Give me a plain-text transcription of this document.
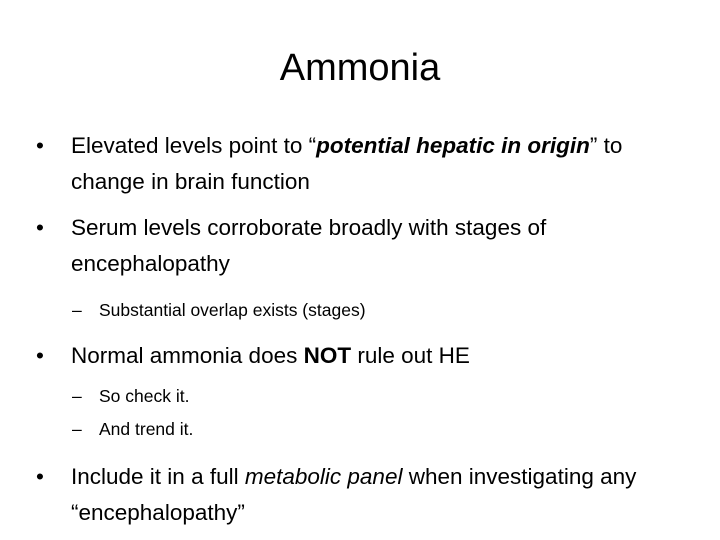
Ammonia

• Elevated levels point to “potential hepatic in origin” to change in brain function

• Serum levels corroborate broadly with stages of encephalopathy

– Substantial overlap exists (stages)

• Normal ammonia does NOT rule out HE

– So check it.

– And trend it.

• Include it in a full metabolic panel when investigating any “encephalopathy”
